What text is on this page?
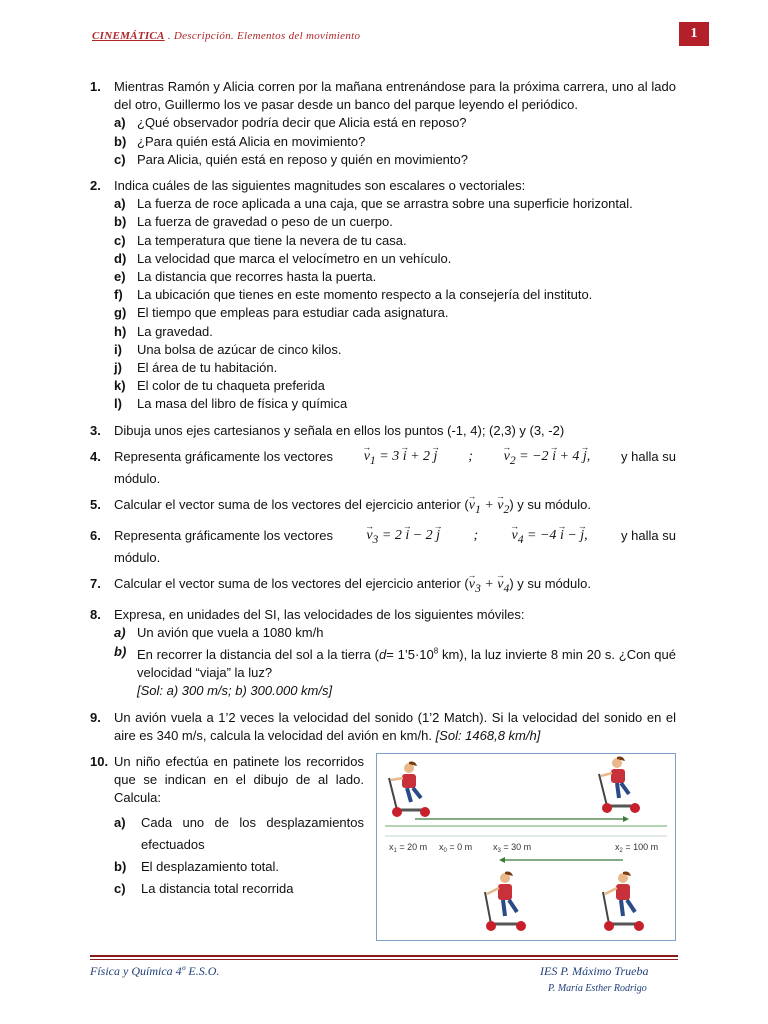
CINEMÁTICA . Descripción. Elementos del movimiento	1
1. Mientras Ramón y Alicia corren por la mañana entrenándose para la próxima carrera, uno al lado del otro, Guillermo los ve pasar desde un banco del parque leyendo el periódico.
a) ¿Qué observador podría decir que Alicia está en reposo?
b) ¿Para quién está Alicia en movimiento?
c) Para Alicia, quién está en reposo y quién en movimiento?
2. Indica cuáles de las siguientes magnitudes son escalares o vectoriales:
a) La fuerza de roce aplicada a una caja, que se arrastra sobre una superficie horizontal.
b) La fuerza de gravedad o peso de un cuerpo.
c) La temperatura que tiene la nevera de tu casa.
d) La velocidad que marca el velocímetro en un vehículo.
e) La distancia que recorres hasta la puerta.
f) La ubicación que tienes en este momento respecto a la consejería del instituto.
g) El tiempo que empleas para estudiar cada asignatura.
h) La gravedad.
i) Una bolsa de azúcar de cinco kilos.
j) El área de tu habitación.
k) El color de tu chaqueta preferida
l) La masa del libro de física y química
3. Dibuja unos ejes cartesianos y señala en ellos los puntos (-1, 4); (2,3) y (3, -2)
4. Representa gráficamente los vectores → $v_1 = 3 \to i + 2 \to j$ ; → $v_2 = -2 \to i + 4 \to j$, y halla su
módulo.
5. Calcular el vector suma de los vectores del ejercicio anterior (→ $v_1$ + → $v_2$) y su módulo.
6. Representa gráficamente los vectores → $v_3 = 2 \to i - 2 \to j$ ; → $v_4 = -4 \to i$ − → j,	y halla su
módulo.
7. Calcular el vector suma de los vectores del ejercicio anterior (→ $v_3$ + → $v_4$) y su módulo.
8. Expresa, en unidades del SI, las velocidades de los siguientes móviles:
a) Un avión que vuela a 1080 km/h
b) En recorrer la distancia del sol a la tierra ($d= 1’5\cdot 10^8$ km), la luz invierte 8 min 20 s. ¿Con qué velocidad “viaja” la luz?
[Sol: a) 300 m/s; b) 300.000 km/s]
9. Un avión vuela a 1’2 veces la velocidad del sonido (1’2 Match). Si la velocidad del sonido en el aire es 340 m/s, calcula la velocidad del avión en km/h. [Sol: 1468,8 km/h]
10. Un niño efectúa en patinete los recorridos que se indican en el dibujo de al lado. Calcula:
a) Cada uno de los desplazamientos efectuados
b) El desplazamiento total.
c) La distancia total recorrida
$x_1 = 20$ m $x_0 = 0$ m $x_3 = 30$ m	$x_2 = 100$ m
Física y Química 4º E.S.O.	IES P. Máximo Trueba
P. María Esther Rodrigo
